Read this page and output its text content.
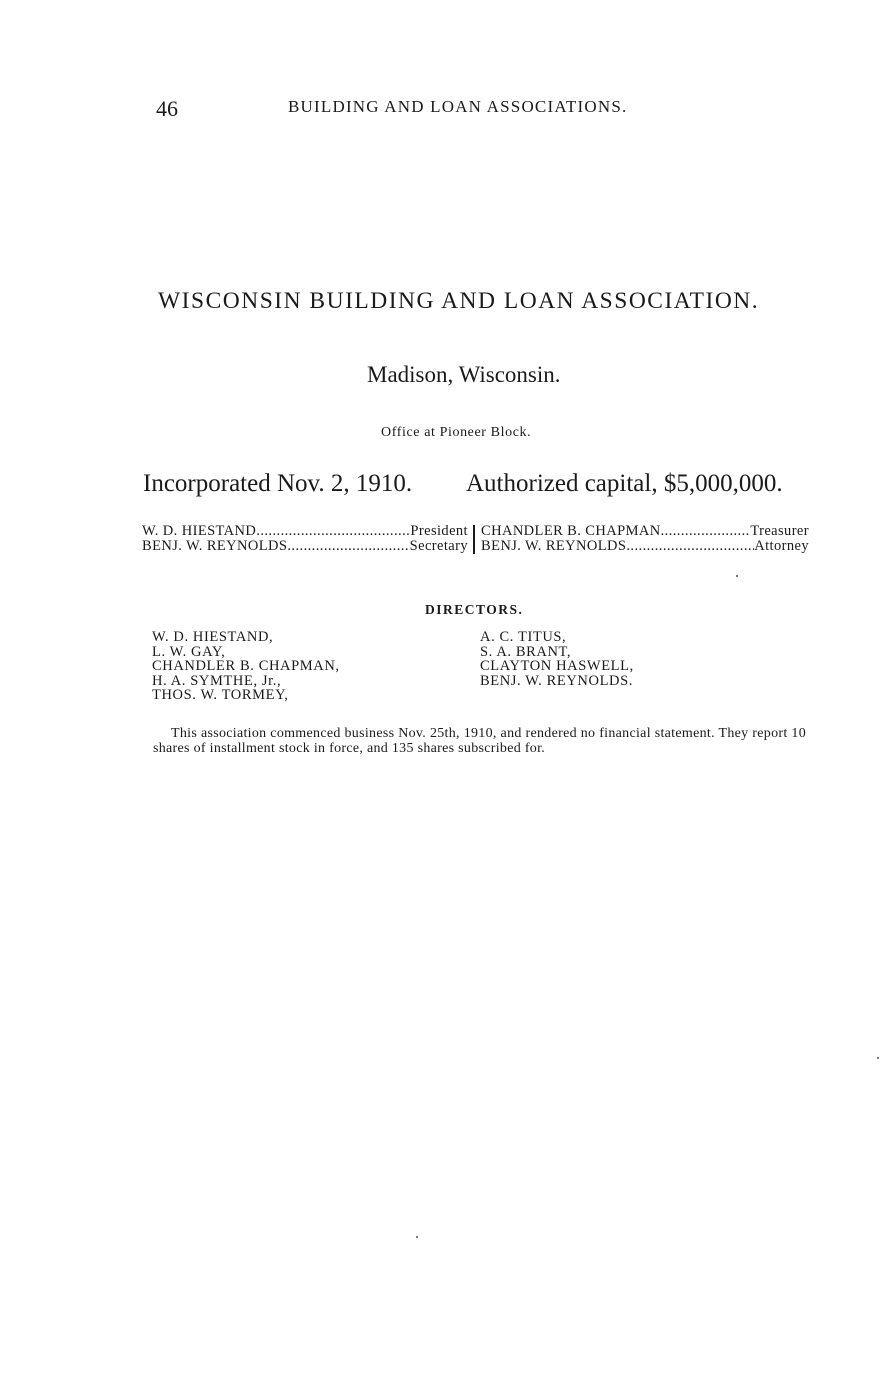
46	BUILDING AND LOAN ASSOCIATIONS.
WISCONSIN BUILDING AND LOAN ASSOCIATION.
Madison, Wisconsin.
Office at Pioneer Block.
Incorporated Nov. 2, 1910. Authorized capital, $5,000,000.
W. D. HIESTAND . . .	President
BENJ. W. REYNOLDS . . .	Secretary
CHANDLER B. CHAPMAN . . .	Treasurer
BENJ. W. REYNOLDS . . .	Attorney
DIRECTORS.
W. D. HIESTAND,
L. W. GAY,
CHANDLER B. CHAPMAN,
H. A. SYMTHE, Jr.,
THOS. W. TORMEY,
A. C. TITUS,
S. A. BRANT,
CLAYTON HASWELL,
BENJ. W. REYNOLDS.

This association commenced business Nov. 25th, 1910, and rendered no financial statement. They report 10 shares of installment stock in force, and 135 shares subscribed for.
